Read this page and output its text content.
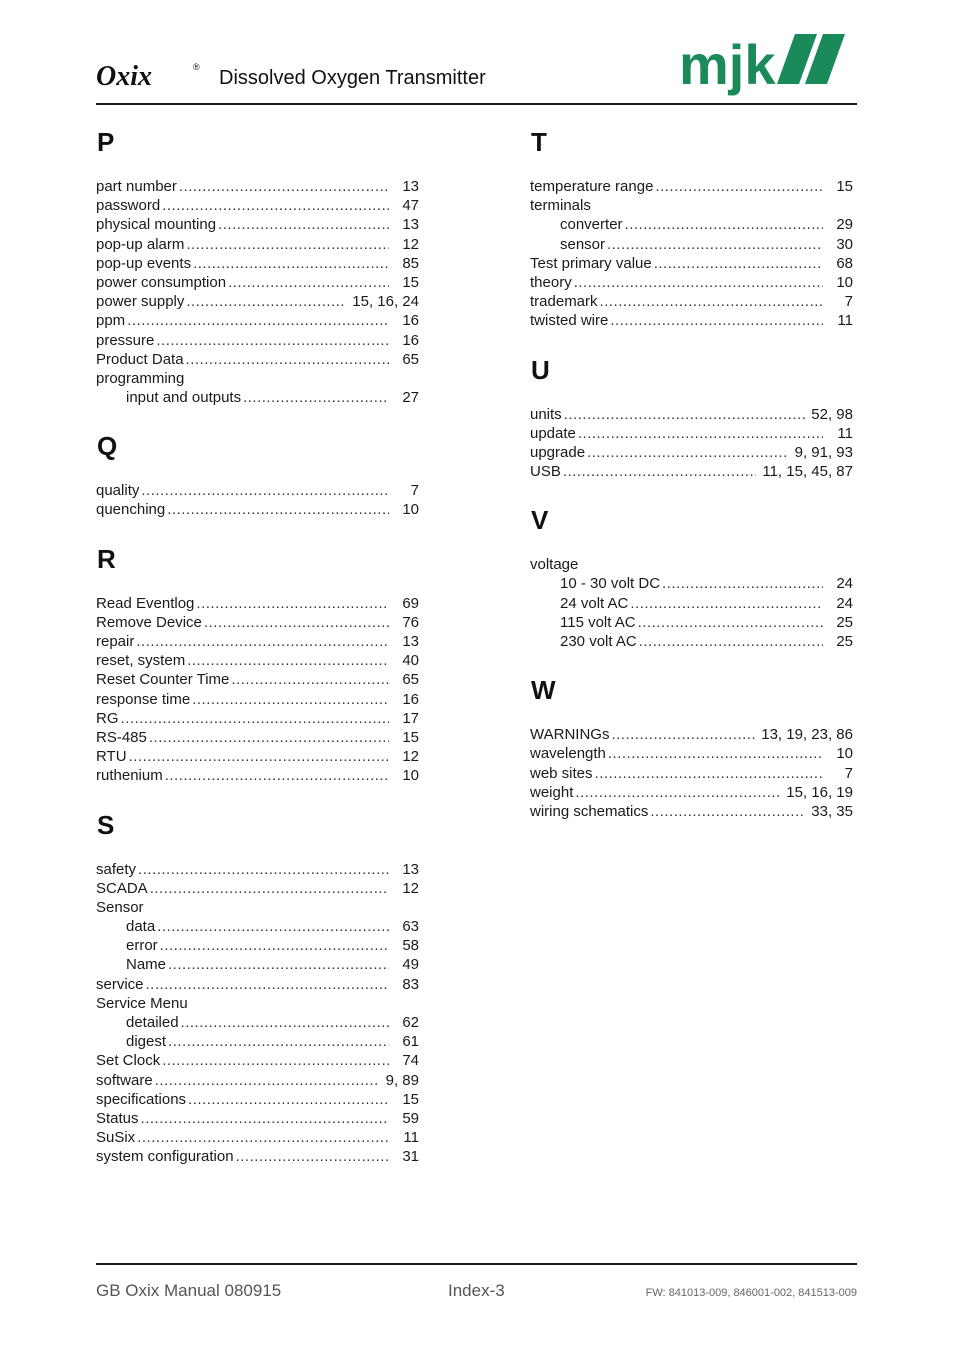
Oxix	® Dissolved Oxygen Transmitter	mjk
P
part number .....	13
password .....	47
physical mounting .....	13
pop-up alarm .....	12
pop-up events .....	85
power consumption .....	15
power supply .....	15, 16, 24
ppm .....	16
pressure .....	16
Product Data .....	65
programming
input and outputs .....	27
Q
quality .....	7
quenching .....	10
R
Read Eventlog .....	69
Remove Device .....	76
repair .....	13
reset, system .....	40
Reset Counter Time .....	65
response time .....	16
RG .....	17
RS-485 .....	15
RTU .....	12
ruthenium .....	10
S
safety .....	13
SCADA .....	12
Sensor
data .....	63
error .....	58
Name .....	49
service .....	83
Service Menu
detailed .....	62
digest .....	61
Set Clock .....	74
software .....	9, 89
specifications .....	15
Status .....	59
SuSix .....	11
system configuration .....	31
T
temperature range .....	15
terminals
converter .....	29
sensor .....	30
Test primary value .....	68
theory .....	10
trademark .....	7
twisted wire .....	11
U
units .....	52, 98
update .....	11
upgrade .....	9, 91, 93
USB .....	11, 15, 45, 87
V
voltage
10 - 30 volt DC .....	24
24 volt AC .....	24
115 volt AC .....	25
230 volt AC .....	25
W
WARNINGs .....	13, 19, 23, 86
wavelength .....	10
web sites .....	7
weight .....	15, 16, 19
wiring schematics .....	33, 35
GB Oxix Manual 080915	Index-3	FW: 841013-009, 846001-002, 841513-009
